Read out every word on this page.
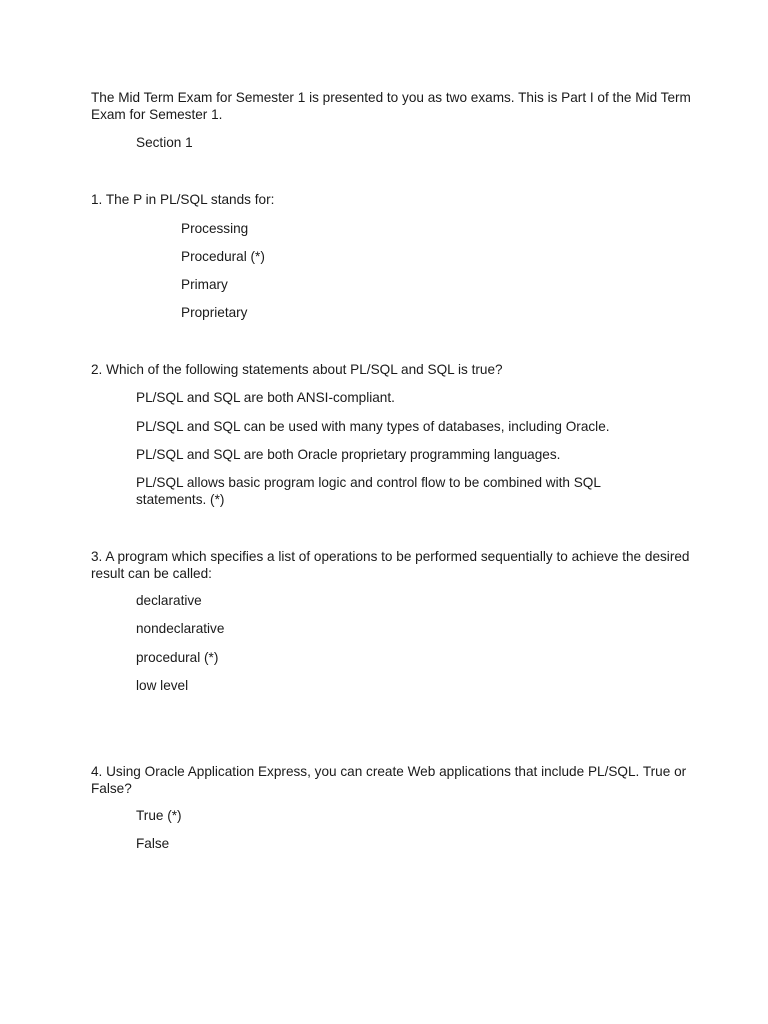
The Mid Term Exam for Semester 1 is presented to you as two exams. This is Part I of the Mid Term Exam for Semester 1.

Section 1

1. The P in PL/SQL stands for:

Processing

Procedural (*)

Primary

Proprietary

2. Which of the following statements about PL/SQL and SQL is true?

PL/SQL and SQL are both ANSI-compliant.

PL/SQL and SQL can be used with many types of databases, including Oracle.

PL/SQL and SQL are both Oracle proprietary programming languages.

PL/SQL allows basic program logic and control flow to be combined with SQL statements. (*)

3. A program which specifies a list of operations to be performed sequentially to achieve the desired result can be called:

declarative

nondeclarative

procedural (*)

low level

4. Using Oracle Application Express, you can create Web applications that include PL/SQL. True or False?

True (*)

False
